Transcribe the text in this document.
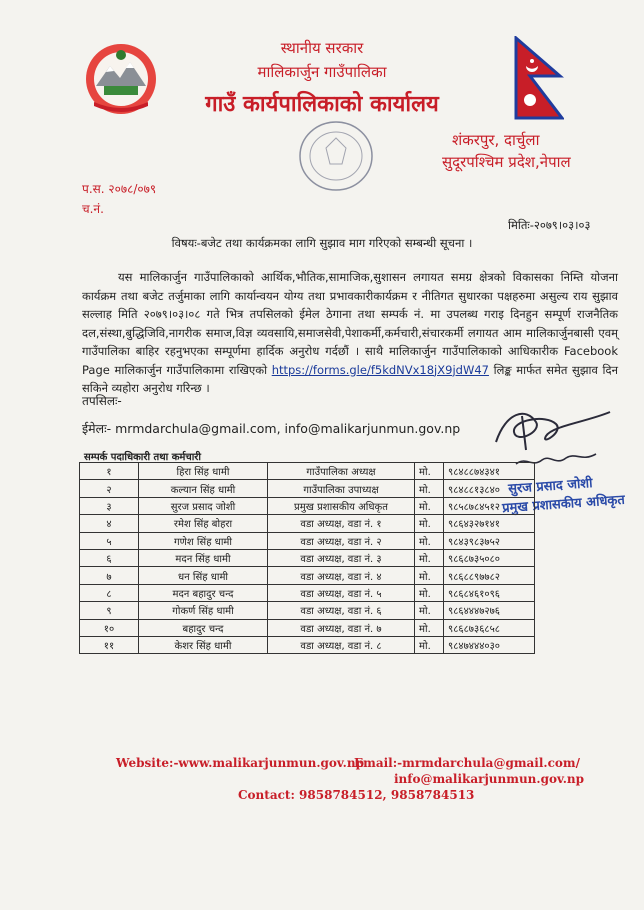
स्थानीय सरकार
मालिकार्जुन गाउँपालिका
गाउँ कार्यपालिकाको कार्यालय
शंकरपुर, दार्चुला
सुदूरपश्चिम प्रदेश,नेपाल
प.स. २०७८/०७९
च.नं.
मितिः-२०७९।०३।०३
विषयः-बजेट तथा कार्यक्रमका लागि सुझाव माग गरिएको सम्बन्धी सूचना ।
यस मालिकार्जुन गाउँपालिकाको आर्थिक,भौतिक,सामाजिक,सुशासन लगायत समग्र क्षेत्रको विकासका निम्ति योजना कार्यक्रम तथा बजेट तर्जुमाका लागि कार्यान्वयन योग्य तथा प्रभावकारीकार्यक्रम र नीतिगत सुधारका पक्षहरुमा असुल्य राय सुझाव सल्लाह मिति २०७९।०३।०८ गते भित्र तपसिलको ईमेल ठेगाना तथा सम्पर्क नं. मा उपलब्ध गराइ दिनहुन सम्पूर्ण राजनैतिक दल,संस्था,बुद्धिजिवि,नागरीक समाज,विज्ञ व्यवसायि,समाजसेवी,पेशाकर्मी,कर्मचारी,संचारकर्मी लगायत आम मालिकार्जुनबासी एवम् गाउँपालिका बाहिर रहनुभएका सम्पूर्णमा हार्दिक अनुरोध गर्दछौं । साथै मालिकार्जुन गाउँपालिकाको आधिकारीक Facebook Page मालिकार्जुन गाउँपालिकामा राखिएको https://forms.gle/f5kdNVx18jX9jdW47 लिङ्क मार्फत समेत सुझाव दिन सकिने व्यहोरा अनुरोध गरिन्छ ।
तपसिलः-
ईमेलः- mrmdarchula@gmail.com, info@malikarjunmun.gov.np
सुरज प्रसाद जोशी
प्रमुख प्रशासकीय अधिकृत
सम्पर्क पदाधिकारी तथा कर्मचारी
१	हिरा सिंह धामी	गाउँपालिका अध्यक्ष	मो.	९८४८८७४३४१
२	कल्यान सिंह धामी	गाउँपालिका उपाध्यक्ष	मो.	९८४८८१३८४०
३	सुरज प्रसाद जोशी	प्रमुख प्रशासकीय अधिकृत	मो.	९८५८७८४५१२
४	रमेश सिंह बोहरा	वडा अध्यक्ष, वडा नं. १	मो.	९८६४३२७१४१
५	गणेश सिंह धामी	वडा अध्यक्ष, वडा नं. २	मो.	९८४३९८३७५२
६	मदन सिंह धामी	वडा अध्यक्ष, वडा नं. ३	मो.	९८६८७३५०८०
७	धन सिंह धामी	वडा अध्यक्ष, वडा नं. ४	मो.	९८६८८९७७८२
८	मदन बहादुर चन्द	वडा अध्यक्ष, वडा नं. ५	मो.	९८६८४६१०९६
९	गोकर्ण सिंह धामी	वडा अध्यक्ष, वडा नं. ६	मो.	९८६४४४७२७६
१०	बहादुर चन्द	वडा अध्यक्ष, वडा नं. ७	मो.	९८६८७३६८५८
११	केशर सिंह धामी	वडा अध्यक्ष, वडा नं. ८	मो.	९८४७४४४०३०
Website:-www.malikarjunmun.gov.np
Email:-mrmdarchula@gmail.com/
info@malikarjunmun.gov.np
Contact: 9858784512, 9858784513
